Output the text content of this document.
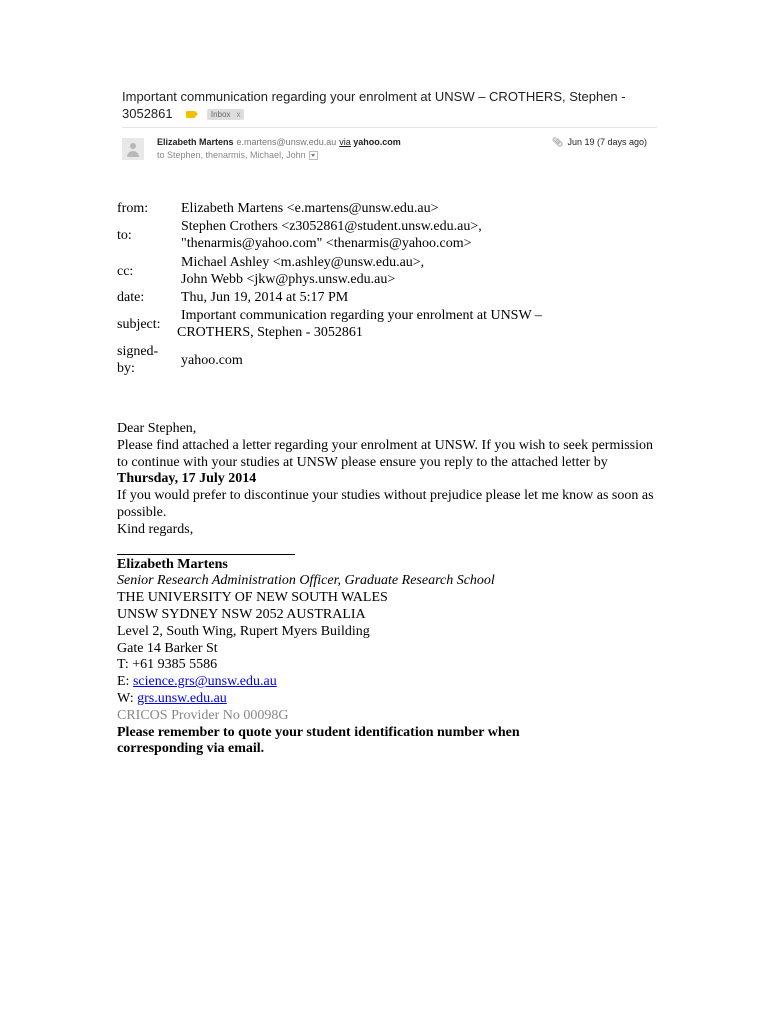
Important communication regarding your enrolment at UNSW – CROTHERS, Stephen -
3052861	Inbox x
Elizabeth Martens e.martens@unsw.edu.au via yahoo.com
to Stephen, thenarmis, Michael, John
📎︎ Jun 19 (7 days ago)
from: Elizabeth Martens <e.martens@unsw.edu.au>
to:
Stephen Crothers <z3052861@student.unsw.edu.au>,
"thenarmis@yahoo.com" <thenarmis@yahoo.com>
cc:
Michael Ashley <m.ashley@unsw.edu.au>,
John Webb <jkw@phys.unsw.edu.au>
date:	Thu, Jun 19, 2014 at 5:17 PM
subject:
Important communication regarding your enrolment at UNSW –
CROTHERS, Stephen - 3052861
signed-
by:
yahoo.com

Dear Stephen,

Please find attached a letter regarding your enrolment at UNSW. If you wish to seek permission to continue with your studies at UNSW please ensure you reply to the attached letter by Thursday, 17 July 2014

If you would prefer to discontinue your studies without prejudice please let me know as soon as possible.

Kind regards,

Elizabeth Martens

Senior Research Administration Officer, Graduate Research School

THE UNIVERSITY OF NEW SOUTH WALES

UNSW SYDNEY NSW 2052 AUSTRALIA

Level 2, South Wing, Rupert Myers Building

Gate 14 Barker St

T: +61 9385 5586

E: science.grs@unsw.edu.au

W: grs.unsw.edu.au

CRICOS Provider No 00098G

Please remember to quote your student identification number when
corresponding via email.
